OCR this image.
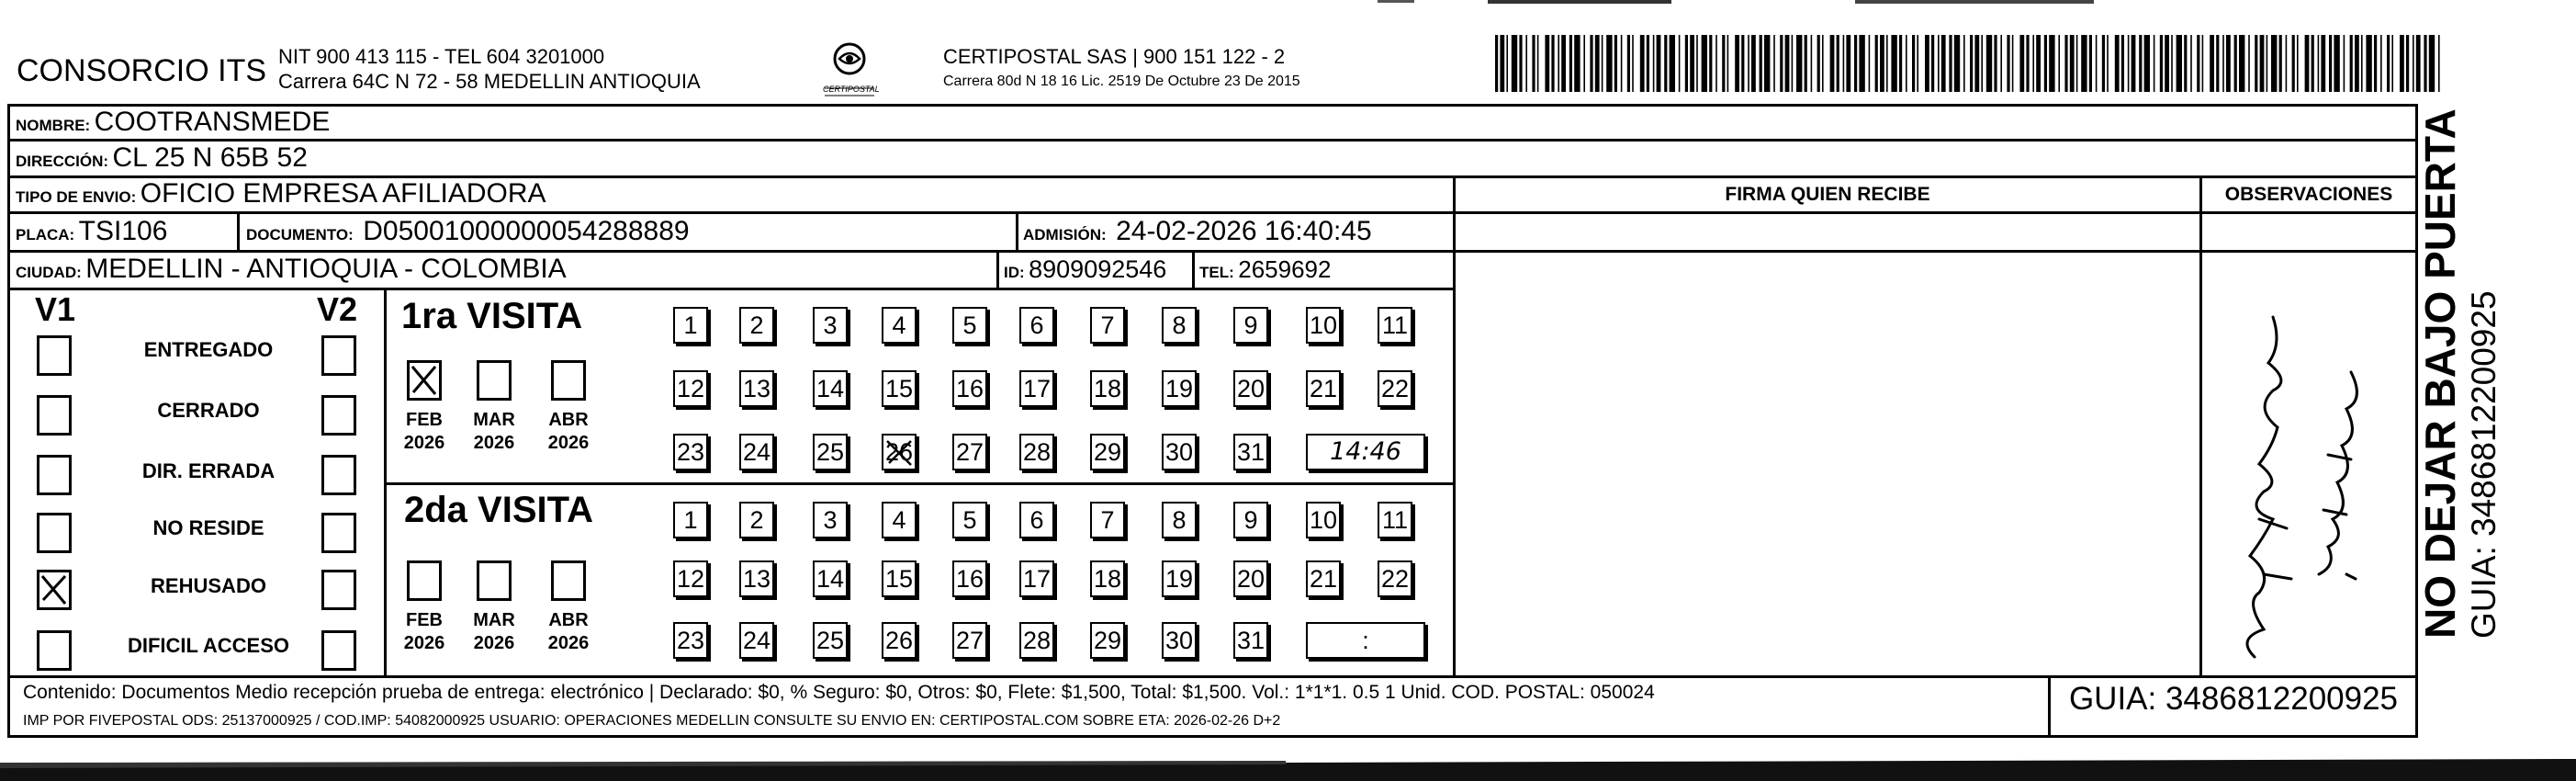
CONSORCIO ITS NIT 900 413 115 - TEL 604 3201000
Carrera 64C N 72 - 58 MEDELLIN ANTIOQUIA	CERTIPOSTAL
CERTIPOSTAL SAS | 900 151 122 - 2
Carrera 80d N 18 16 Lic. 2519 De Octubre 23 De 2015
NOMBRE: COOTRANSMEDE
DIRECCIÓN: CL 25 N 65B 52
TIPO DE ENVIO: OFICIO EMPRESA AFILIADORA
PLACA: TSI106	DOCUMENTO: D05001000000054288889	ADMISIÓN: 24-02-2026 16:40:45
CIUDAD: MEDELLIN - ANTIOQUIA - COLOMBIA	ID: 8909092546 TEL: 2659692
FIRMA QUIEN RECIBE	OBSERVACIONES
V1	V2
ENTREGADO
CERRADO
DIR. ERRADA
NO RESIDE
REHUSADO
DIFICIL ACCESO
1ra VISITA
2da VISITA
FEB
2026
MAR
2026
ABR
2026
FEB
2026
MAR
2026
ABR
2026
1	2	3	4	5	6	7	8	9	10 11
12 13 14 15 16 17 18 19 20 21 22
23 24 25 26 27 28 29 30 31	14:46
1	2	3	4	5	6	7	8	9	10 11
12 13 14 15 16 17 18 19 20 21 22
23 24 25 26 27 28 29 30 31	:
Contenido: Documentos Medio recepción prueba de entrega: electrónico | Declarado: $0, % Seguro: $0, Otros: $0, Flete: $1,500, Total: $1,500. Vol.: 1*1*1. 0.5 1 Unid. COD. POSTAL: 050024
IMP POR FIVEPOSTAL ODS: 25137000925 / COD.IMP: 54082000925 USUARIO: OPERACIONES MEDELLIN CONSULTE SU ENVIO EN: CERTIPOSTAL.COM SOBRE ETA: 2026-02-26 D+2
GUIA: 3486812200925
NO DEJAR BAJO PUERTA GUIA: 3486812200925
